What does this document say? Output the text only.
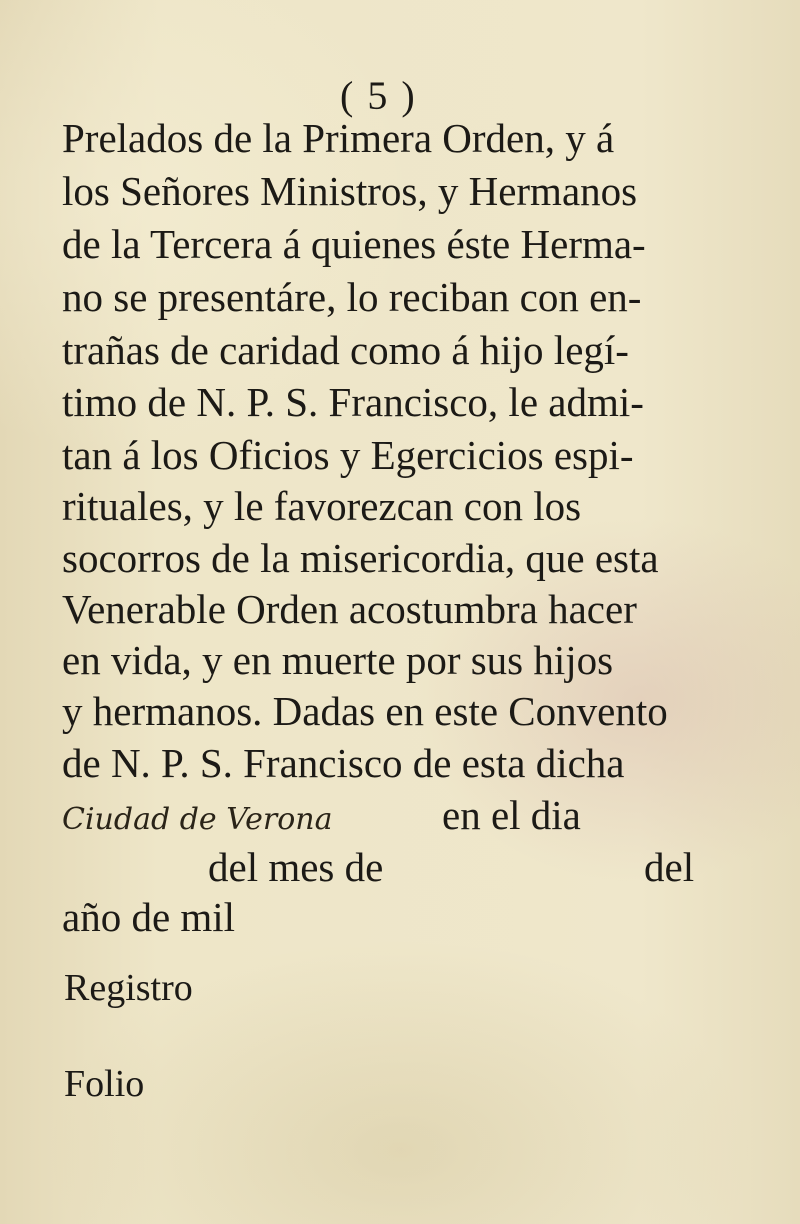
( 5 )
Prelados de la Primera Orden, y á
los Señores Ministros, y Hermanos
de la Tercera á quienes éste Herma-
no se presentáre, lo reciban con en-
trañas de caridad como á hijo legí-
timo de N. P. S. Francisco, le admi-
tan á los Oficios y Egercicios espi-
rituales, y le favorezcan con los
socorros de la misericordia, que esta
Venerable Orden acostumbra hacer
en vida, y en muerte por sus hijos
y hermanos. Dadas en este Convento
de N. P. S. Francisco de esta dicha
Ciudad de Verona	en el dia
del mes de	del
año de mil
Registro
Folio
